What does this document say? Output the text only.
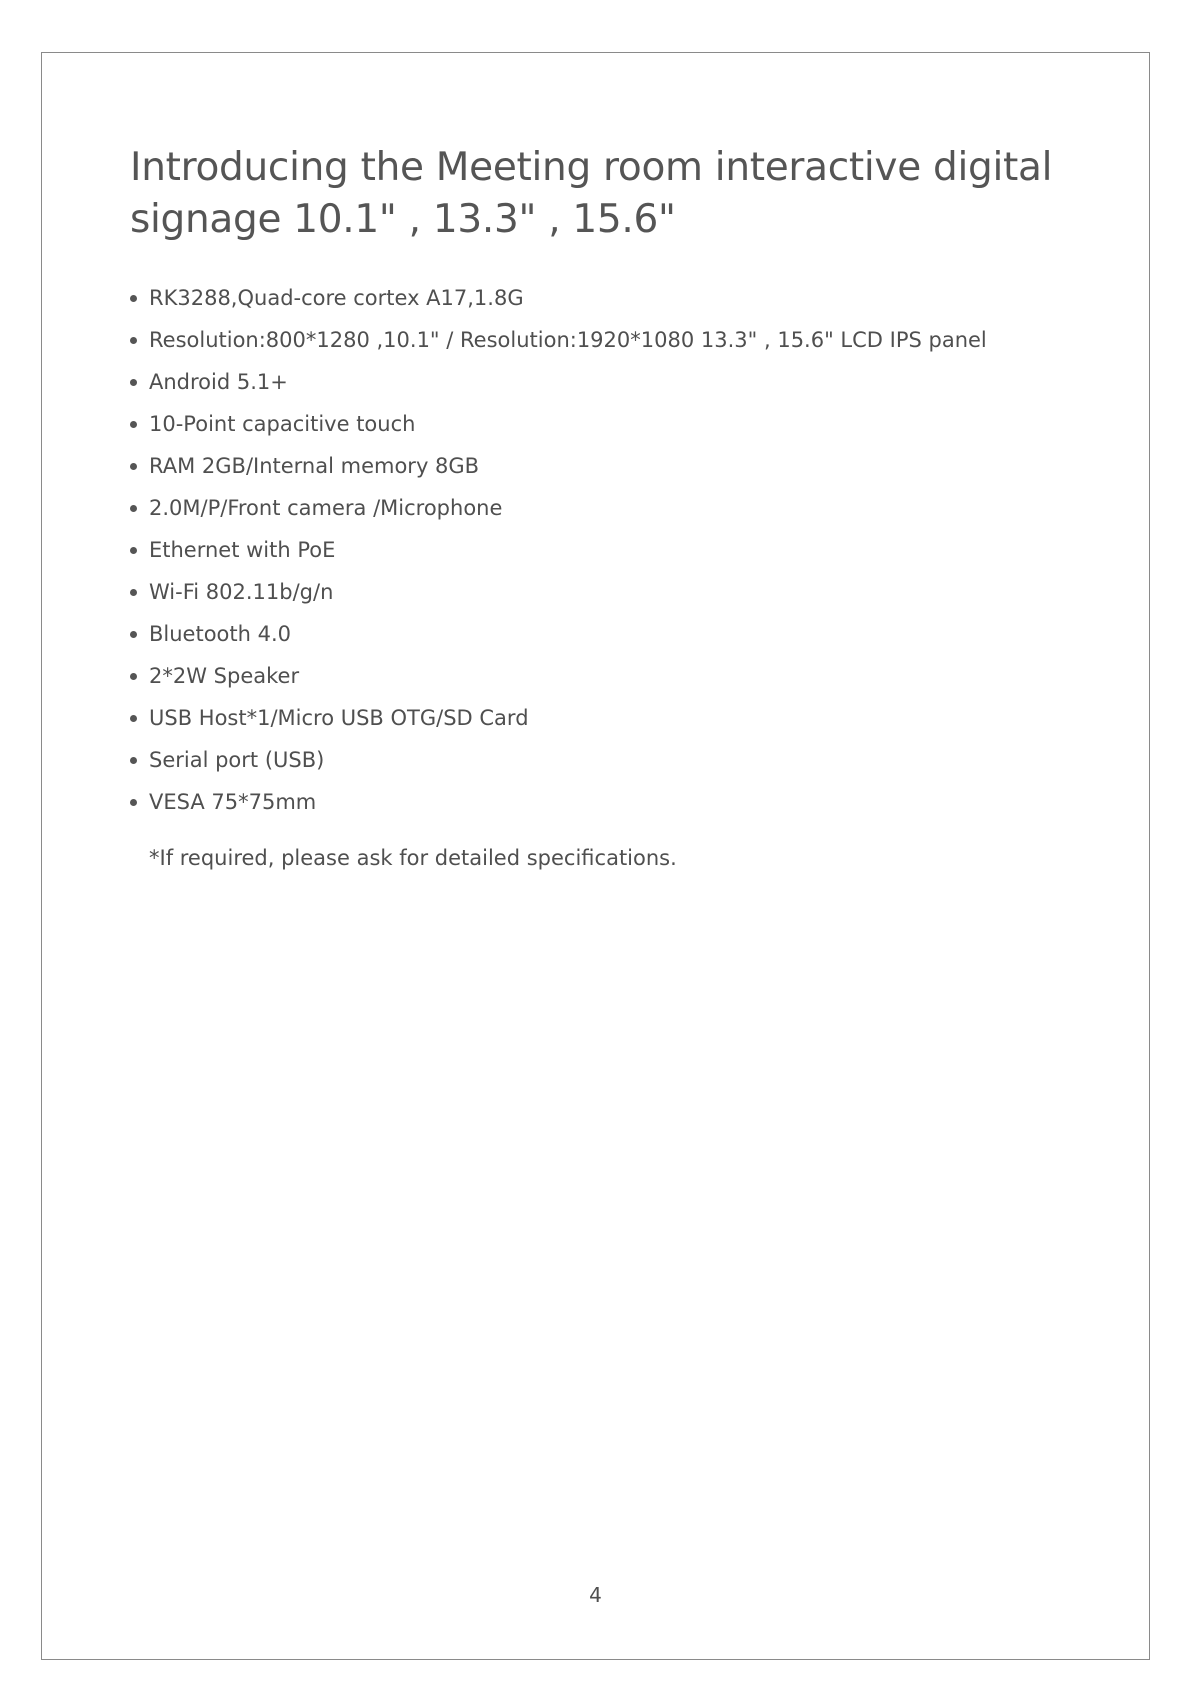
Introducing the Meeting room interactive digital signage 10.1" , 13.3" , 15.6"
RK3288,Quad-core cortex A17,1.8G
Resolution:800*1280 ,10.1" / Resolution:1920*1080 13.3" , 15.6" LCD IPS panel
Android 5.1+
10-Point capacitive touch
RAM 2GB/Internal memory 8GB
2.0M/P/Front camera /Microphone
Ethernet with PoE
Wi-Fi 802.11b/g/n
Bluetooth 4.0
2*2W Speaker
USB Host*1/Micro USB OTG/SD Card
Serial port (USB)
VESA 75*75mm

*If required, please ask for detailed specifications.

4
